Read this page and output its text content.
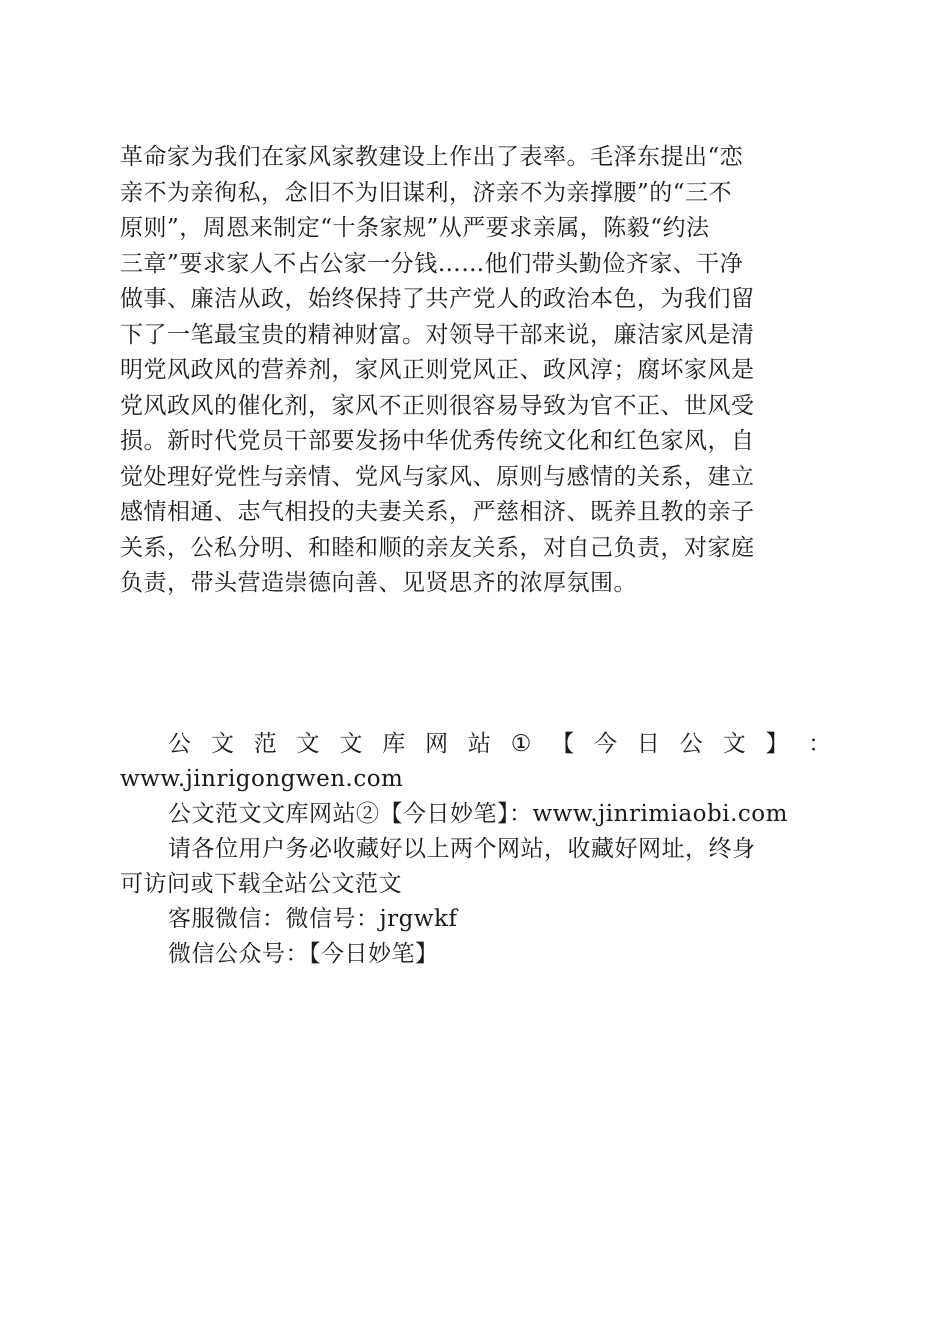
革命家为我们在家风家教建设上作出了表率。毛泽东提出“恋

亲不为亲徇私，念旧不为旧谋利，济亲不为亲撑腰”的“三不

原则”，周恩来制定“十条家规”从严要求亲属，陈毅“约法

三章”要求家人不占公家一分钱……他们带头勤俭齐家、干净

做事、廉洁从政，始终保持了共产党人的政治本色，为我们留

下了一笔最宝贵的精神财富。对领导干部来说，廉洁家风是清

明党风政风的营养剂，家风正则党风正、政风淳；腐坏家风是

党风政风的催化剂，家风不正则很容易导致为官不正、世风受

损。新时代党员干部要发扬中华优秀传统文化和红色家风，自

觉处理好党性与亲情、党风与家风、原则与感情的关系，建立

感情相通、志气相投的夫妻关系，严慈相济、既养且教的亲子

关系，公私分明、和睦和顺的亲友关系，对自己负责，对家庭

负责，带头营造崇德向善、见贤思齐的浓厚氛围。

公 文 范 文 文 库 网 站 ① 【 今 日 公 文 】 ：

www.jinrigongwen.com

公文范文文库网站②【今日妙笔】：www.jinrimiaobi.com

请各位用户务必收藏好以上两个网站，收藏好网址，终身

可访问或下载全站公文范文

客服微信：微信号：jrgwkf

微信公众号：【今日妙笔】
